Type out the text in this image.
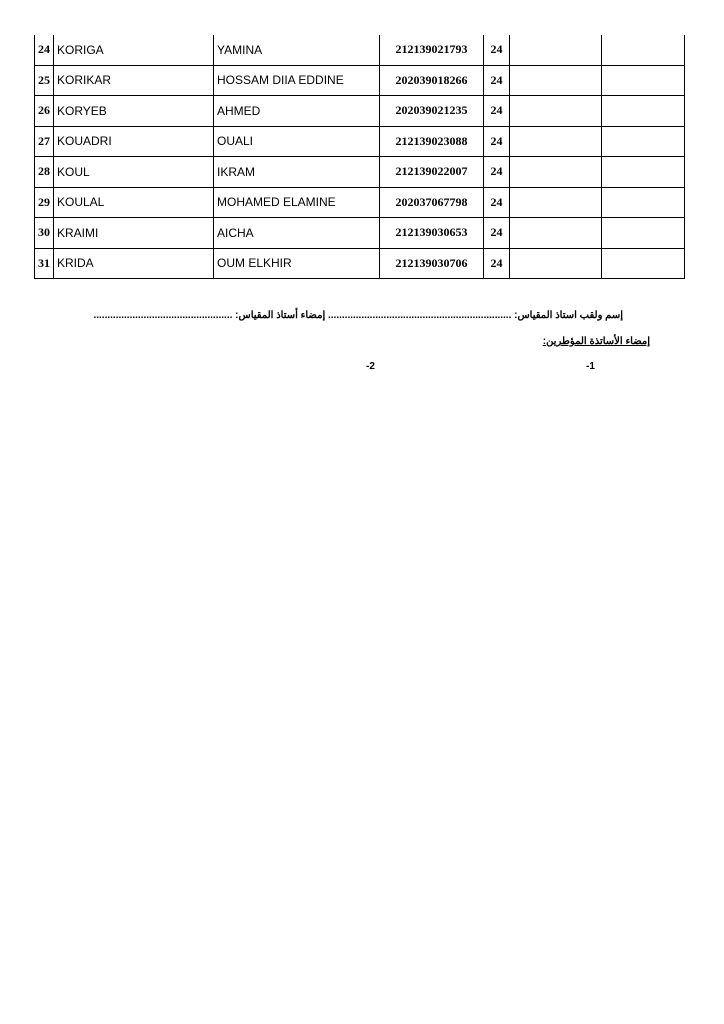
24	KORIGA	YAMINA	212139021793	24		
25	KORIKAR	HOSSAM DIIA EDDINE	202039018266	24		
26	KORYEB	AHMED	202039021235	24		
27	KOUADRI	OUALI	212139023088	24		
28	KOUL	IKRAM	212139022007	24		
29	KOULAL	MOHAMED ELAMINE	202037067798	24		
30	KRAIMI	AICHA	212139030653	24		
31	KRIDA	OUM ELKHIR	212139030706	24		
إسم ولقب استاذ المقياس: .................................................................. إمضاء أستاذ المقياس: ..................................................
إمضاء الأساتذة المؤطرين:
-1
-2
